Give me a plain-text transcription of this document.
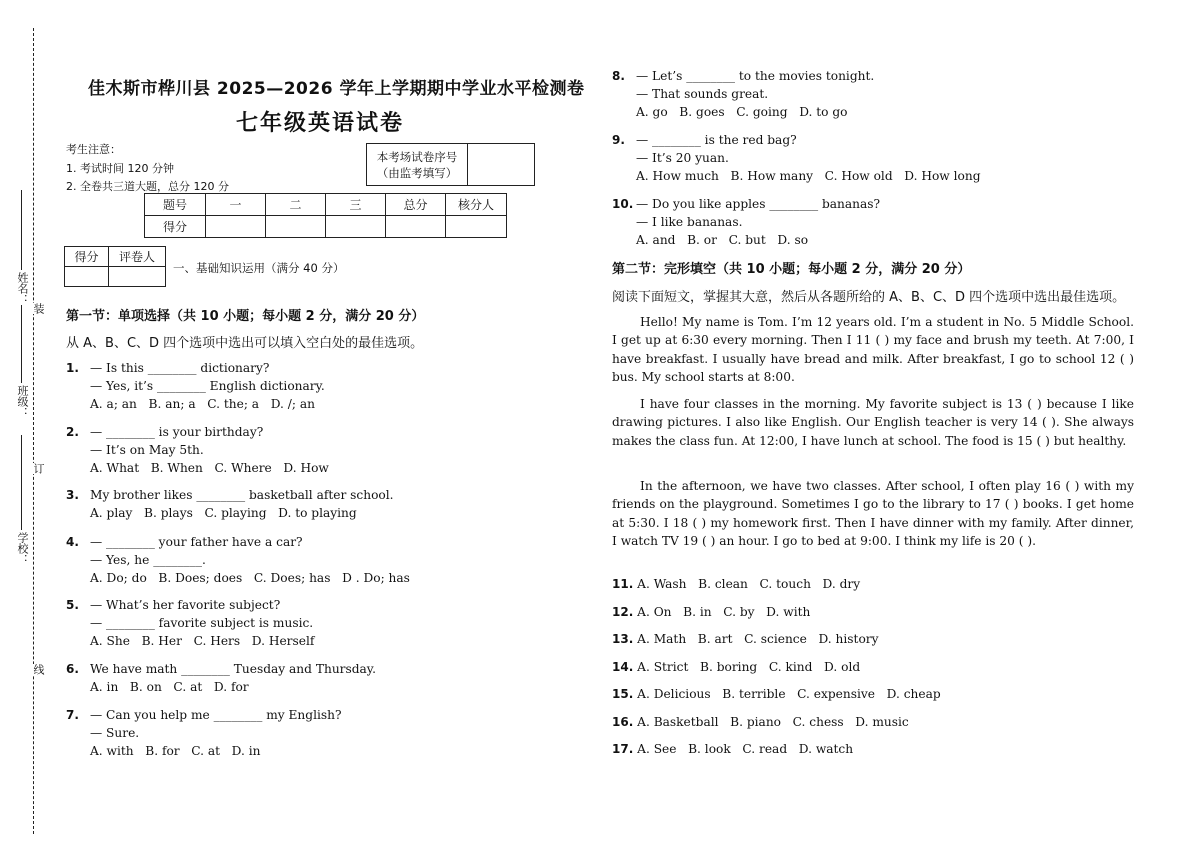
姓名：
班级：
学校：
装
订
线
佳木斯市桦川县 2025—2026 学年上学期期中学业水平检测卷
七年级英语试卷
考生注意：
1. 考试时间 120 分钟
2. 全卷共三道大题，总分 120 分
本考场试卷序号
（由监考填写）

题号	一	二	三	总分	核分人
得分					
得分	评卷人

一、基础知识运用（满分 40 分）
第一节：单项选择（共 10 小题；每小题 2 分，满分 20 分）
从 A、B、C、D 四个选项中选出可以填入空白处的最佳选项。
1. — Is this ________ dictionary?
— Yes, it’s ________ English dictionary.
A. a; an   B. an; a   C. the; a   D. /; an
2. — ________ is your birthday?
— It’s on May 5th.
A. What   B. When   C. Where   D. How
3. My brother likes ________ basketball after school.
A. play   B. plays   C. playing   D. to playing
4. — ________ your father have a car?
— Yes, he ________.
A. Do; do   B. Does; does   C. Does; has   D . Do; has
5. — What’s her favorite subject?
— ________ favorite subject is music.
A. She   B. Her   C. Hers   D. Herself
6. We have math ________ Tuesday and Thursday.
A. in   B. on   C. at   D. for
7. — Can you help me ________ my English?
— Sure.
A. with   B. for   C. at   D. in
8. — Let’s ________ to the movies tonight.
— That sounds great.
A. go   B. goes   C. going   D. to go
9. — ________ is the red bag?
— It’s 20 yuan.
A. How much   B. How many   C. How old   D. How long
10. — Do you like apples ________ bananas?
— I like bananas.
A. and   B. or   C. but   D. so
第二节：完形填空（共 10 小题；每小题 2 分，满分 20 分）
阅读下面短文，掌握其大意，然后从各题所给的 A、B、C、D 四个选项中选出最佳选项。
Hello! My name is Tom. I’m 12 years old. I’m a student in No. 5 Middle School. I get up at 6:30 every morning. Then I 11 ( ) my face and brush my teeth. At 7:00, I have breakfast. I usually have bread and milk. After breakfast, I go to school 12 ( ) bus. My school starts at 8:00.
I have four classes in the morning. My favorite subject is 13 ( ) because I like drawing pictures. I also like English. Our English teacher is very 14 ( ). She always makes the class fun. At 12:00, I have lunch at school. The food is 15 ( ) but healthy.
In the afternoon, we have two classes. After school, I often play 16 ( ) with my friends on the playground. Sometimes I go to the library to 17 ( ) books. I get home at 5:30. I 18 ( ) my homework first. Then I have dinner with my family. After dinner, I watch TV 19 ( ) an hour. I go to bed at 9:00. I think my life is 20 ( ).
11. A. Wash   B. clean   C. touch   D. dry
12. A. On   B. in   C. by   D. with
13. A. Math   B. art   C. science   D. history
14. A. Strict   B. boring   C. kind   D. old
15. A. Delicious   B. terrible   C. expensive   D. cheap
16. A. Basketball   B. piano   C. chess   D. music
17. A. See   B. look   C. read   D. watch
